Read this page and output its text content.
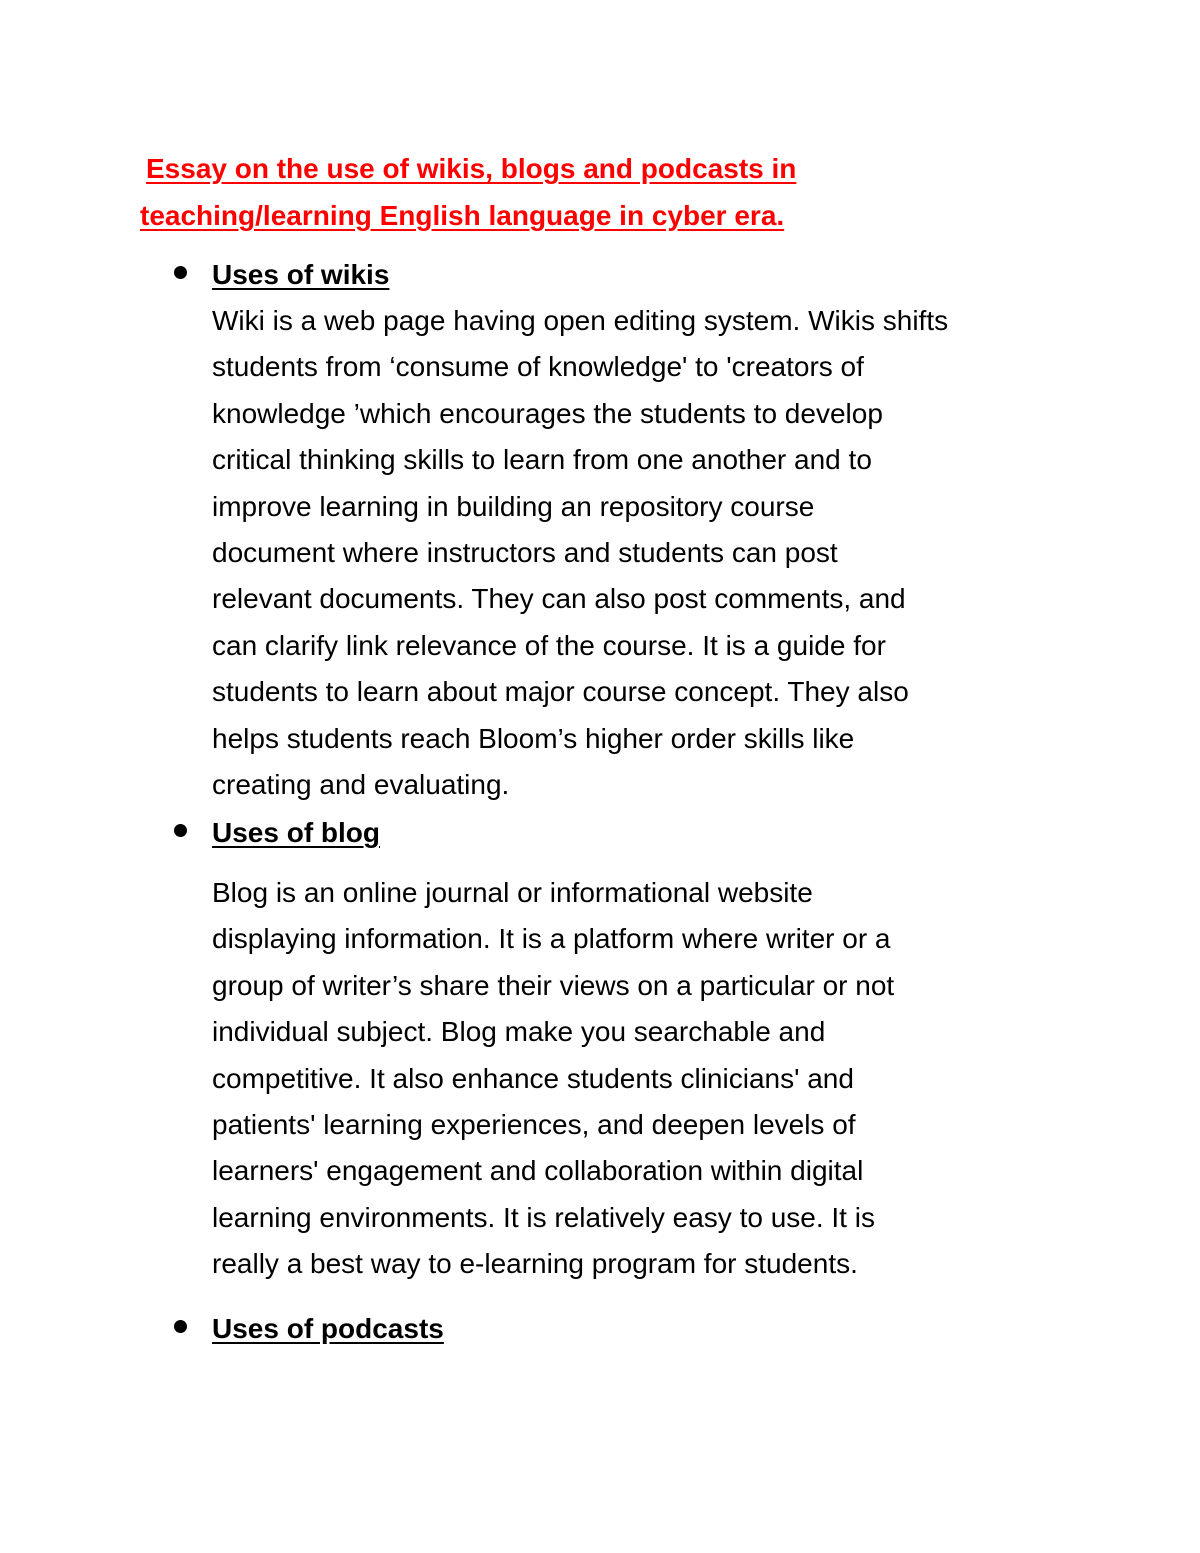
Essay on the use of wikis, blogs and podcasts in
teaching/learning English language in cyber era.
Uses of wikis
Wiki is a web page having open editing system. Wikis shifts
students from ‘consume of knowledge' to 'creators of
knowledge ’which encourages the students to develop
critical thinking skills to learn from one another and to
improve learning in building an repository course
document where instructors and students can post
relevant documents. They can also post comments, and
can clarify link relevance of the course. It is a guide for
students to learn about major course concept. They also
helps students reach Bloom’s higher order skills like
creating and evaluating.
Uses of blog
Blog is an online journal or informational website
displaying information. It is a platform where writer or a
group of writer’s share their views on a particular or not
individual subject. Blog make you searchable and
competitive. It also enhance students clinicians' and
patients' learning experiences, and deepen levels of
learners' engagement and collaboration within digital
learning environments. It is relatively easy to use. It is
really a best way to e-learning program for students.
Uses of podcasts
